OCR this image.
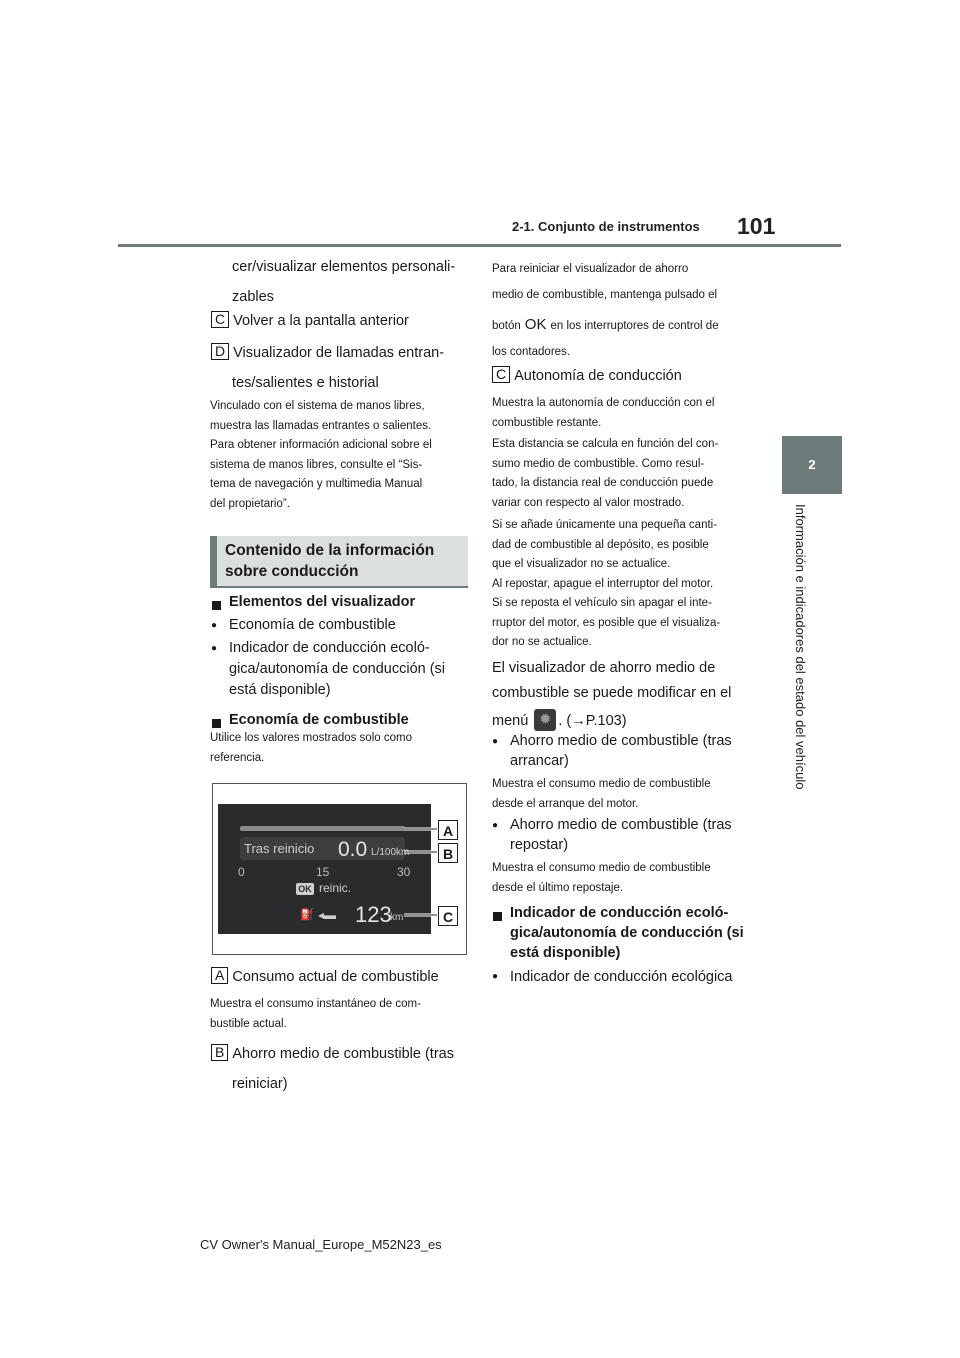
2-1. Conjunto de instrumentos 101
2
Información e indicadores del estado del vehículo
cer/visualizar elementos personali-
zables
C Volver a la pantalla anterior
D Visualizador de llamadas entran-
tes/salientes e historial
Vinculado con el sistema de manos libres,
muestra las llamadas entrantes o salientes.
Para obtener información adicional sobre el
sistema de manos libres, consulte el “Sis-
tema de navegación y multimedia Manual
del propietario”.
Contenido de la información
sobre conducción
Elementos del visualizador
● Economía de combustible
● Indicador de conducción ecoló-
gica/autonomía de conducción (si
está disponible)
Economía de combustible
Utilice los valores mostrados solo como
referencia.
Tras reinicio 0.0 L/100km
0	15	30
OK reinic.
⛽ ◂▬ 123
km
A
B
C
A Consumo actual de combustible
Muestra el consumo instantáneo de com-
bustible actual.
B Ahorro medio de combustible (tras
reiniciar)
Para reiniciar el visualizador de ahorro
medio de combustible, mantenga pulsado el
botón OK en los interruptores de control de
los contadores.
C Autonomía de conducción
Muestra la autonomía de conducción con el
combustible restante.
Esta distancia se calcula en función del con-
sumo medio de combustible. Como resul-
tado, la distancia real de conducción puede
variar con respecto al valor mostrado.
Si se añade únicamente una pequeña canti-
dad de combustible al depósito, es posible
que el visualizador no se actualice.
Al repostar, apague el interruptor del motor.
Si se reposta el vehículo sin apagar el inte-
rruptor del motor, es posible que el visualiza-
dor no se actualice.
El visualizador de ahorro medio de
combustible se puede modificar en el
menú ✹ . (→P.103)
● Ahorro medio de combustible (tras
arrancar)
Muestra el consumo medio de combustible
desde el arranque del motor.
● Ahorro medio de combustible (tras
repostar)
Muestra el consumo medio de combustible
desde el último repostaje.
Indicador de conducción ecoló-
gica/autonomía de conducción (si
está disponible)
● Indicador de conducción ecológica
CV Owner's Manual_Europe_M52N23_es
